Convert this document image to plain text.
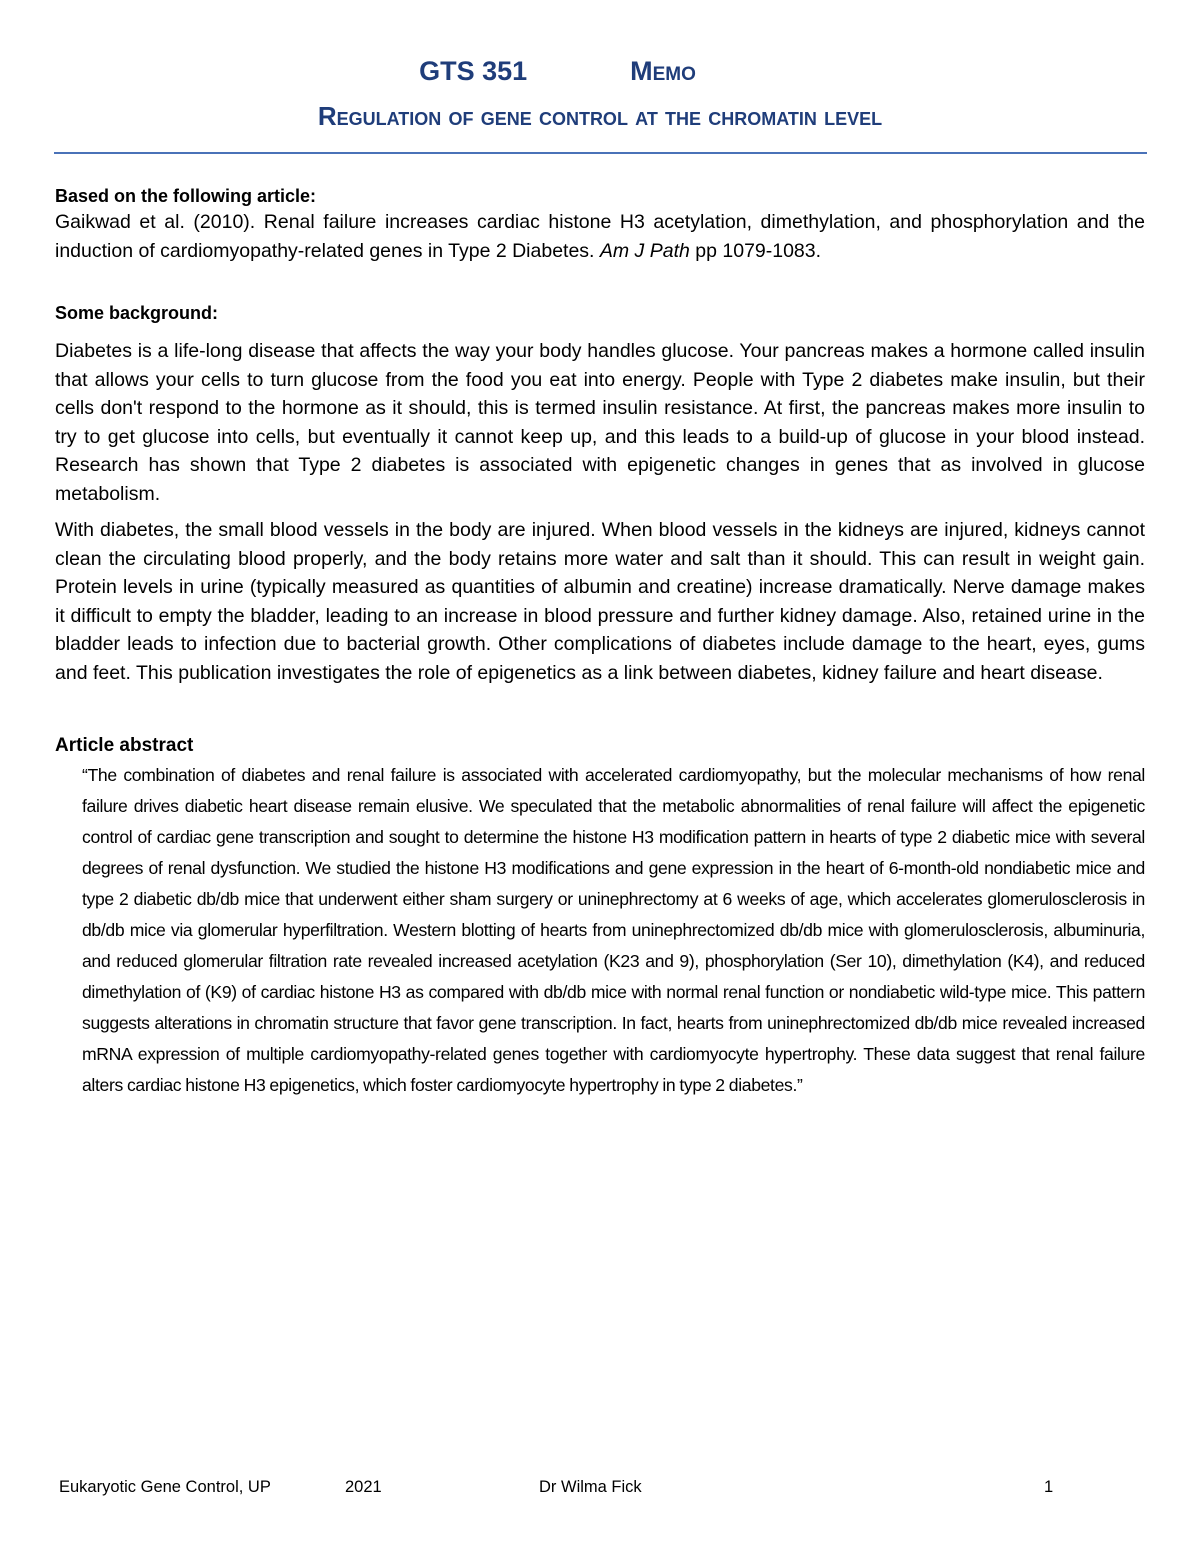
GTS 351	Memo
Regulation of gene control at the chromatin level
Based on the following article:

Gaikwad et al. (2010). Renal failure increases cardiac histone H3 acetylation, dimethylation, and phosphorylation and the induction of cardiomyopathy-related genes in Type 2 Diabetes. Am J Path pp 1079-1083.

Some background:

Diabetes is a life-long disease that affects the way your body handles glucose. Your pancreas makes a hormone called insulin that allows your cells to turn glucose from the food you eat into energy. People with Type 2 diabetes make insulin, but their cells don't respond to the hormone as it should, this is termed insulin resistance. At first, the pancreas makes more insulin to try to get glucose into cells, but eventually it cannot keep up, and this leads to a build-up of glucose in your blood instead. Research has shown that Type 2 diabetes is associated with epigenetic changes in genes that as involved in glucose metabolism.

With diabetes, the small blood vessels in the body are injured. When blood vessels in the kidneys are injured, kidneys cannot clean the circulating blood properly, and the body retains more water and salt than it should. This can result in weight gain. Protein levels in urine (typically measured as quantities of albumin and creatine) increase dramatically. Nerve damage makes it difficult to empty the bladder, leading to an increase in blood pressure and further kidney damage. Also, retained urine in the bladder leads to infection due to bacterial growth. Other complications of diabetes include damage to the heart, eyes, gums and feet. This publication investigates the role of epigenetics as a link between diabetes, kidney failure and heart disease.

Article abstract

“The combination of diabetes and renal failure is associated with accelerated cardiomyopathy, but the molecular mechanisms of how renal failure drives diabetic heart disease remain elusive. We speculated that the metabolic abnormalities of renal failure will affect the epigenetic control of cardiac gene transcription and sought to determine the histone H3 modification pattern in hearts of type 2 diabetic mice with several degrees of renal dysfunction. We studied the histone H3 modifications and gene expression in the heart of 6-month-old nondiabetic mice and type 2 diabetic db/db mice that underwent either sham surgery or uninephrectomy at 6 weeks of age, which accelerates glomerulosclerosis in db/db mice via glomerular hyperfiltration. Western blotting of hearts from uninephrectomized db/db mice with glomerulosclerosis, albuminuria, and reduced glomerular filtration rate revealed increased acetylation (K23 and 9), phosphorylation (Ser 10), dimethylation (K4), and reduced dimethylation of (K9) of cardiac histone H3 as compared with db/db mice with normal renal function or nondiabetic wild-type mice. This pattern suggests alterations in chromatin structure that favor gene transcription. In fact, hearts from uninephrectomized db/db mice revealed increased mRNA expression of multiple cardiomyopathy-related genes together with cardiomyocyte hypertrophy. These data suggest that renal failure alters cardiac histone H3 epigenetics, which foster cardiomyocyte hypertrophy in type 2 diabetes.”

Eukaryotic Gene Control, UP	2021	Dr Wilma Fick	1
